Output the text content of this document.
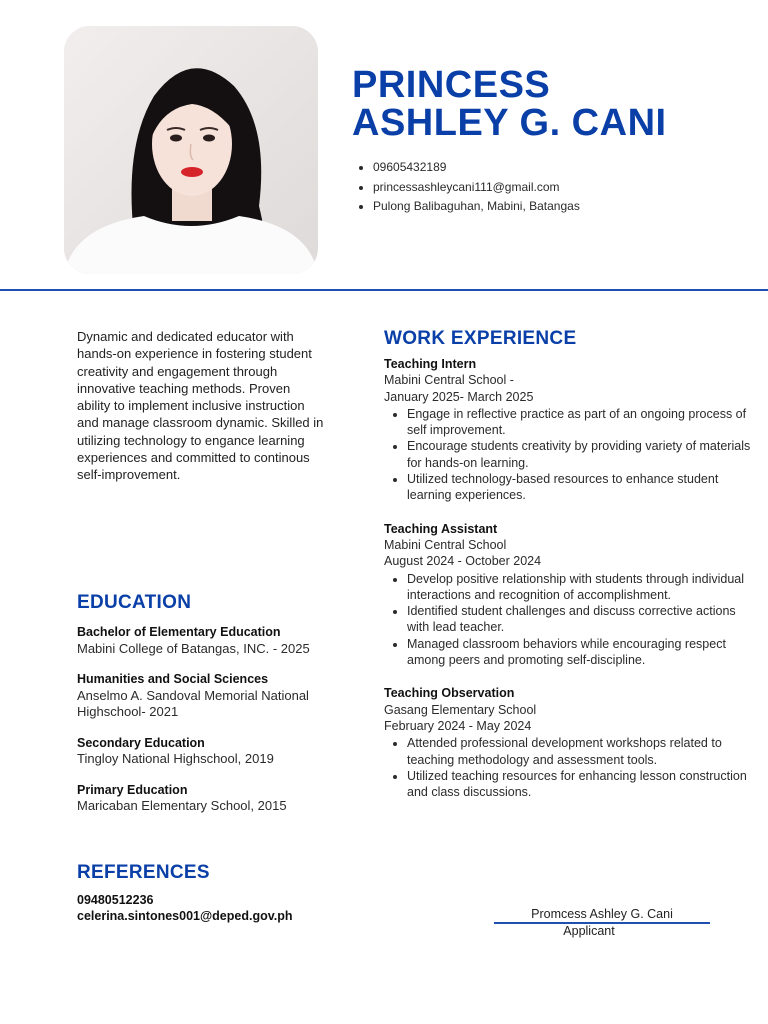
PRINCESS
ASHLEY G. CANI
• 09605432189
• princessashleycani111@gmail.com
• Pulong Balibaguhan, Mabini, Batangas

Dynamic and dedicated educator with hands-on experience in fostering student creativity and engagement through innovative teaching methods. Proven ability to implement inclusive instruction and manage classroom dynamic. Skilled in utilizing technology to engance learning experiences and committed to continous self-improvement.

EDUCATION
Bachelor of Elementary Education
Mabini College of Batangas, INC. - 2025
Humanities and Social Sciences
Anselmo A. Sandoval Memorial National Highschool- 2021
Secondary Education
Tingloy National Highschool, 2019
Primary Education
Maricaban Elementary School, 2015
REFERENCES
09480512236
celerina.sintones001@deped.gov.ph
WORK EXPERIENCE
Teaching Intern
Mabini Central School -
January 2025- March 2025
• Engage in reflective practice as part of an ongoing process of self improvement.
• Encourage students creativity by providing variety of materials for hands-on learning.
• Utilized technology-based resources to enhance student learning experiences.
Teaching Assistant
Mabini Central School
August 2024 - October 2024
• Develop positive relationship with students through individual interactions and recognition of accomplishment.
• Identified student challenges and discuss corrective actions with lead teacher.
• Managed classroom behaviors while encouraging respect among peers and promoting self-discipline.
Teaching Observation
Gasang Elementary School
February 2024 - May 2024
• Attended professional development workshops related to teaching methodology and assessment tools.
• Utilized teaching resources for enhancing lesson construction and class discussions.
Promcess Ashley G. Cani
Applicant
